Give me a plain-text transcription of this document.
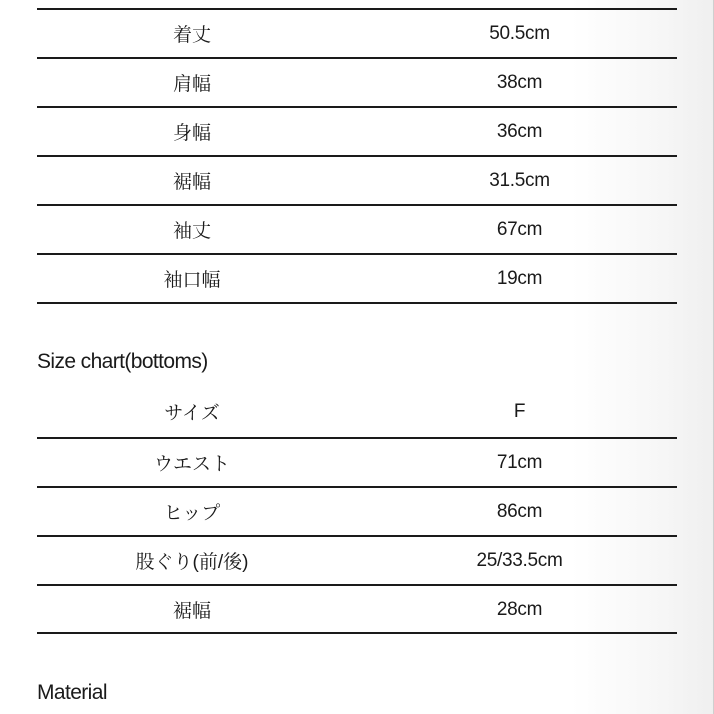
着丈	50.5cm
肩幅	38cm
身幅	36cm
裾幅	31.5cm
袖丈	67cm
袖口幅	19cm
Size chart(bottoms)
サイズ	F
ウエスト	71cm
ヒップ	86cm
股ぐり(前/後)	25/33.5cm
裾幅	28cm
Material
